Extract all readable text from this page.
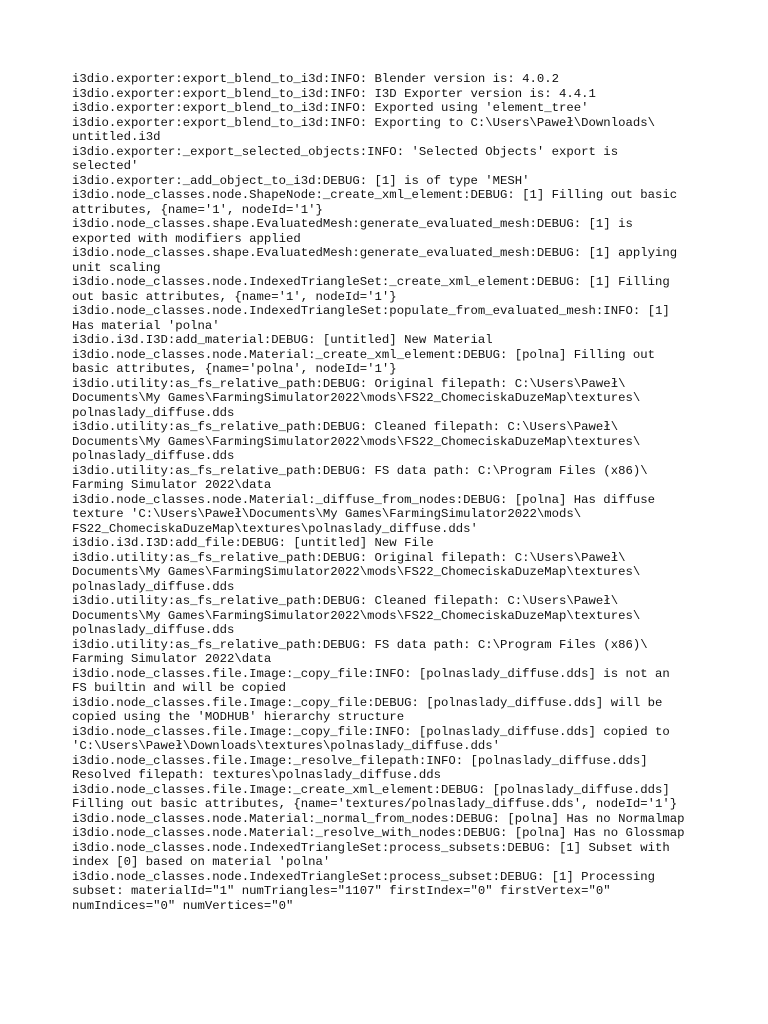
i3dio.exporter:export_blend_to_i3d:INFO: Blender version is: 4.0.2
i3dio.exporter:export_blend_to_i3d:INFO: I3D Exporter version is: 4.4.1
i3dio.exporter:export_blend_to_i3d:INFO: Exported using 'element_tree'
i3dio.exporter:export_blend_to_i3d:INFO: Exporting to C:\Users\Paweł\Downloads\
untitled.i3d
i3dio.exporter:_export_selected_objects:INFO: 'Selected Objects' export is
selected'
i3dio.exporter:_add_object_to_i3d:DEBUG: [1] is of type 'MESH'
i3dio.node_classes.node.ShapeNode:_create_xml_element:DEBUG: [1] Filling out basic
attributes, {name='1', nodeId='1'}
i3dio.node_classes.shape.EvaluatedMesh:generate_evaluated_mesh:DEBUG: [1] is
exported with modifiers applied
i3dio.node_classes.shape.EvaluatedMesh:generate_evaluated_mesh:DEBUG: [1] applying
unit scaling
i3dio.node_classes.node.IndexedTriangleSet:_create_xml_element:DEBUG: [1] Filling
out basic attributes, {name='1', nodeId='1'}
i3dio.node_classes.node.IndexedTriangleSet:populate_from_evaluated_mesh:INFO: [1]
Has material 'polna'
i3dio.i3d.I3D:add_material:DEBUG: [untitled] New Material
i3dio.node_classes.node.Material:_create_xml_element:DEBUG: [polna] Filling out
basic attributes, {name='polna', nodeId='1'}
i3dio.utility:as_fs_relative_path:DEBUG: Original filepath: C:\Users\Paweł\
Documents\My Games\FarmingSimulator2022\mods\FS22_ChomeciskaDuzeMap\textures\
polnaslady_diffuse.dds
i3dio.utility:as_fs_relative_path:DEBUG: Cleaned filepath: C:\Users\Paweł\
Documents\My Games\FarmingSimulator2022\mods\FS22_ChomeciskaDuzeMap\textures\
polnaslady_diffuse.dds
i3dio.utility:as_fs_relative_path:DEBUG: FS data path: C:\Program Files (x86)\
Farming Simulator 2022\data
i3dio.node_classes.node.Material:_diffuse_from_nodes:DEBUG: [polna] Has diffuse
texture 'C:\Users\Paweł\Documents\My Games\FarmingSimulator2022\mods\
FS22_ChomeciskaDuzeMap\textures\polnaslady_diffuse.dds'
i3dio.i3d.I3D:add_file:DEBUG: [untitled] New File
i3dio.utility:as_fs_relative_path:DEBUG: Original filepath: C:\Users\Paweł\
Documents\My Games\FarmingSimulator2022\mods\FS22_ChomeciskaDuzeMap\textures\
polnaslady_diffuse.dds
i3dio.utility:as_fs_relative_path:DEBUG: Cleaned filepath: C:\Users\Paweł\
Documents\My Games\FarmingSimulator2022\mods\FS22_ChomeciskaDuzeMap\textures\
polnaslady_diffuse.dds
i3dio.utility:as_fs_relative_path:DEBUG: FS data path: C:\Program Files (x86)\
Farming Simulator 2022\data
i3dio.node_classes.file.Image:_copy_file:INFO: [polnaslady_diffuse.dds] is not an
FS builtin and will be copied
i3dio.node_classes.file.Image:_copy_file:DEBUG: [polnaslady_diffuse.dds] will be
copied using the 'MODHUB' hierarchy structure
i3dio.node_classes.file.Image:_copy_file:INFO: [polnaslady_diffuse.dds] copied to
'C:\Users\Paweł\Downloads\textures\polnaslady_diffuse.dds'
i3dio.node_classes.file.Image:_resolve_filepath:INFO: [polnaslady_diffuse.dds]
Resolved filepath: textures\polnaslady_diffuse.dds
i3dio.node_classes.file.Image:_create_xml_element:DEBUG: [polnaslady_diffuse.dds]
Filling out basic attributes, {name='textures/polnaslady_diffuse.dds', nodeId='1'}
i3dio.node_classes.node.Material:_normal_from_nodes:DEBUG: [polna] Has no Normalmap
i3dio.node_classes.node.Material:_resolve_with_nodes:DEBUG: [polna] Has no Glossmap
i3dio.node_classes.node.IndexedTriangleSet:process_subsets:DEBUG: [1] Subset with
index [0] based on material 'polna'
i3dio.node_classes.node.IndexedTriangleSet:process_subset:DEBUG: [1] Processing
subset: materialId="1" numTriangles="1107" firstIndex="0" firstVertex="0"
numIndices="0" numVertices="0"
